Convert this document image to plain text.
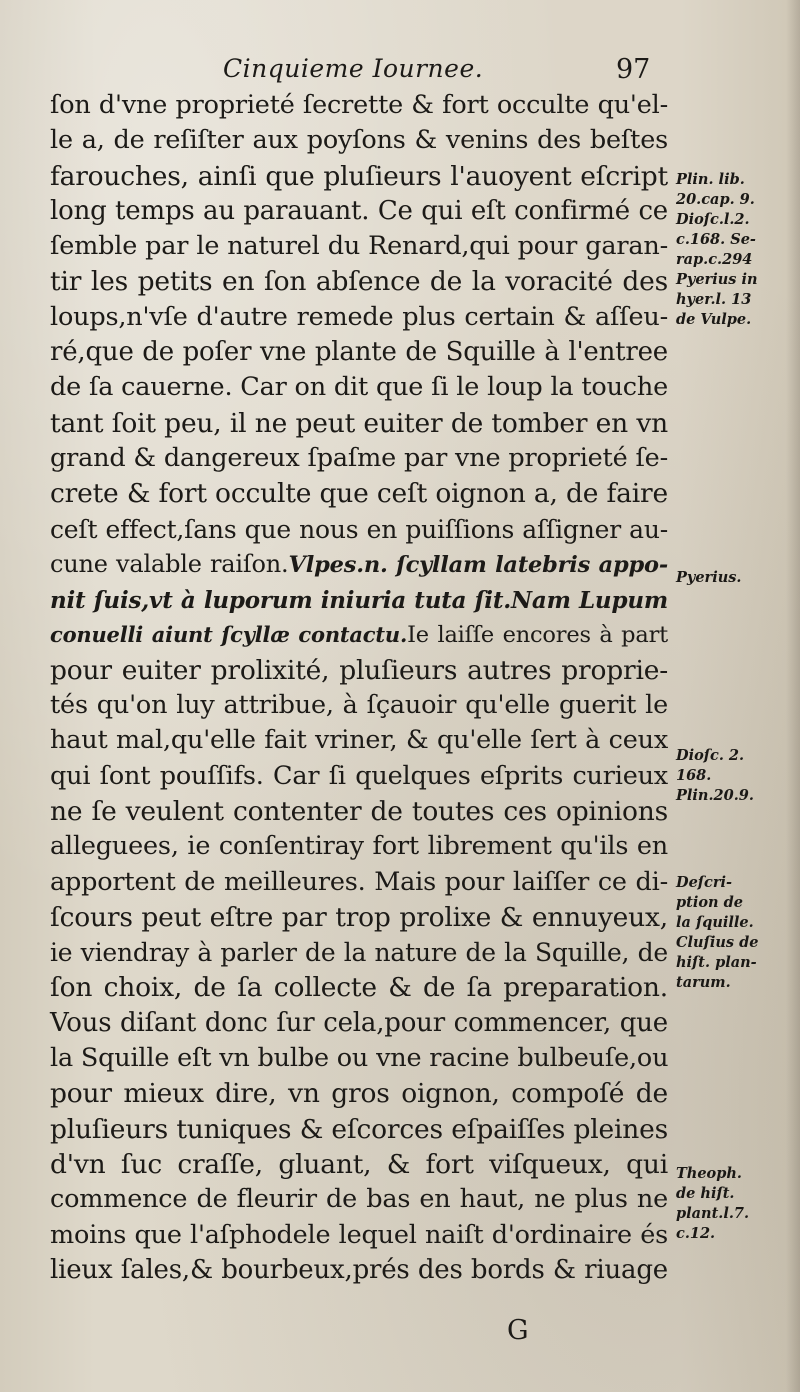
Cinquieme Iournee.	97
ſon d'vne proprieté ſecrette & fort occulte qu'el-
le a, de reſiſter aux poyſons & venins des beſtes
farouches, ainſi que pluſieurs l'auoyent eſcript
long temps au parauant. Ce qui eſt confirmé ce
ſemble par le naturel du Renard,qui pour garan-
tir les petits en ſon abſence de la voracité des
loups,n'vſe d'autre remede plus certain & aſſeu-
ré,que de poſer vne plante de Squille à l'entree
de ſa cauerne. Car on dit que ſi le loup la touche
tant ſoit peu, il ne peut euiter de tomber en vn
grand & dangereux ſpaſme par vne proprieté ſe-
crete & fort occulte que ceſt oignon a, de faire
ceſt effect,ſans que nous en puiſſions aſſigner au-
cune valable raiſon.Vlpes.n. ſcyllam latebris appo-
nit ſuis,vt à luporum iniuria tuta ſit.Nam Lupum
conuelli aiunt ſcyllæ contactu.Ie laiſſe encores à part
pour euiter prolixité, pluſieurs autres proprie-
tés qu'on luy attribue, à ſçauoir qu'elle guerit le
haut mal,qu'elle fait vriner, & qu'elle ſert à ceux
qui ſont pouſſifs. Car ſi quelques eſprits curieux
ne ſe veulent contenter de toutes ces opinions
alleguees, ie conſentiray fort librement qu'ils en
apportent de meilleures. Mais pour laiſſer ce di-
ſcours peut eſtre par trop prolixe & ennuyeux,
ie viendray à parler de la nature de la Squille, de
ſon choix, de ſa collecte & de ſa preparation.
Vous diſant donc ſur cela,pour commencer, que
la Squille eſt vn bulbe ou vne racine bulbeuſe,ou
pour mieux dire, vn gros oignon, compoſé de
pluſieurs tuniques & eſcorces eſpaiſſes pleines
d'vn ſuc craſſe, gluant, & fort viſqueux, qui
commence de fleurir de bas en haut, ne plus ne
moins que l'aſphodele lequel naiſt d'ordinaire és
lieux ſales,& bourbeux,prés des bords & riuage
Plin. lib.
20.cap. 9.
Dioſc.l.2.
c.168. Se-
rap.c.294
Pyerius in
hyer.l. 13
de Vulpe.
Pyerius.
Dioſc. 2.
168.
Plin.20.9.
Deſcri-
ption de
la ſquille.
Cluſius de
hiſt. plan-
tarum.
Theoph.
de hiſt.
plant.l.7.
c.12.
G
